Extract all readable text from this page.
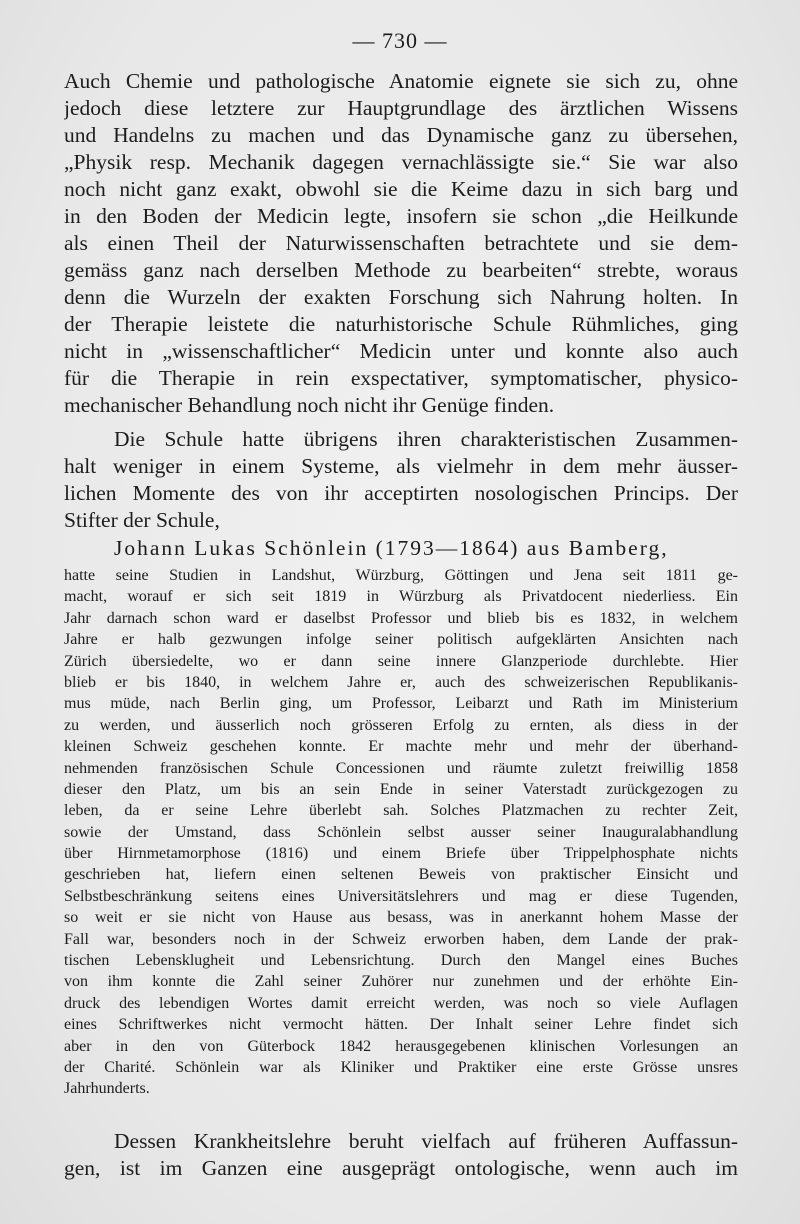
— 730 —
Auch Chemie und pathologische Anatomie eignete sie sich zu, ohne
jedoch diese letztere zur Hauptgrundlage des ärztlichen Wissens
und Handelns zu machen und das Dynamische ganz zu übersehen,
„Physik resp. Mechanik dagegen vernachlässigte sie.“ Sie war also
noch nicht ganz exakt, obwohl sie die Keime dazu in sich barg und
in den Boden der Medicin legte, insofern sie schon „die Heilkunde
als einen Theil der Naturwissenschaften betrachtete und sie dem-
gemäss ganz nach derselben Methode zu bearbeiten“ strebte, woraus
denn die Wurzeln der exakten Forschung sich Nahrung holten. In
der Therapie leistete die naturhistorische Schule Rühmliches, ging
nicht in „wissenschaftlicher“ Medicin unter und konnte also auch
für die Therapie in rein exspectativer, symptomatischer, physico-
mechanischer Behandlung noch nicht ihr Genüge finden.
Die Schule hatte übrigens ihren charakteristischen Zusammen-
halt weniger in einem Systeme, als vielmehr in dem mehr äusser-
lichen Momente des von ihr acceptirten nosologischen Princips. Der
Stifter der Schule,
Johann Lukas Schönlein (1793—1864) aus Bamberg,
hatte seine Studien in Landshut, Würzburg, Göttingen und Jena seit 1811 ge-
macht, worauf er sich seit 1819 in Würzburg als Privatdocent niederliess. Ein
Jahr darnach schon ward er daselbst Professor und blieb bis es 1832, in welchem
Jahre er halb gezwungen infolge seiner politisch aufgeklärten Ansichten nach
Zürich übersiedelte, wo er dann seine innere Glanzperiode durchlebte. Hier
blieb er bis 1840, in welchem Jahre er, auch des schweizerischen Republikanis-
mus müde, nach Berlin ging, um Professor, Leibarzt und Rath im Ministerium
zu werden, und äusserlich noch grösseren Erfolg zu ernten, als diess in der
kleinen Schweiz geschehen konnte. Er machte mehr und mehr der überhand-
nehmenden französischen Schule Concessionen und räumte zuletzt freiwillig 1858
dieser den Platz, um bis an sein Ende in seiner Vaterstadt zurückgezogen zu
leben, da er seine Lehre überlebt sah. Solches Platzmachen zu rechter Zeit,
sowie der Umstand, dass Schönlein selbst ausser seiner Inauguralabhandlung
über Hirnmetamorphose (1816) und einem Briefe über Trippelphosphate nichts
geschrieben hat, liefern einen seltenen Beweis von praktischer Einsicht und
Selbstbeschränkung seitens eines Universitätslehrers und mag er diese Tugenden,
so weit er sie nicht von Hause aus besass, was in anerkannt hohem Masse der
Fall war, besonders noch in der Schweiz erworben haben, dem Lande der prak-
tischen Lebensklugheit und Lebensrichtung. Durch den Mangel eines Buches
von ihm konnte die Zahl seiner Zuhörer nur zunehmen und der erhöhte Ein-
druck des lebendigen Wortes damit erreicht werden, was noch so viele Auflagen
eines Schriftwerkes nicht vermocht hätten. Der Inhalt seiner Lehre findet sich
aber in den von Güterbock 1842 herausgegebenen klinischen Vorlesungen an
der Charité. Schönlein war als Kliniker und Praktiker eine erste Grösse unsres
Jahrhunderts.
Dessen Krankheitslehre beruht vielfach auf früheren Auffassun-
gen, ist im Ganzen eine ausgeprägt ontologische, wenn auch im
